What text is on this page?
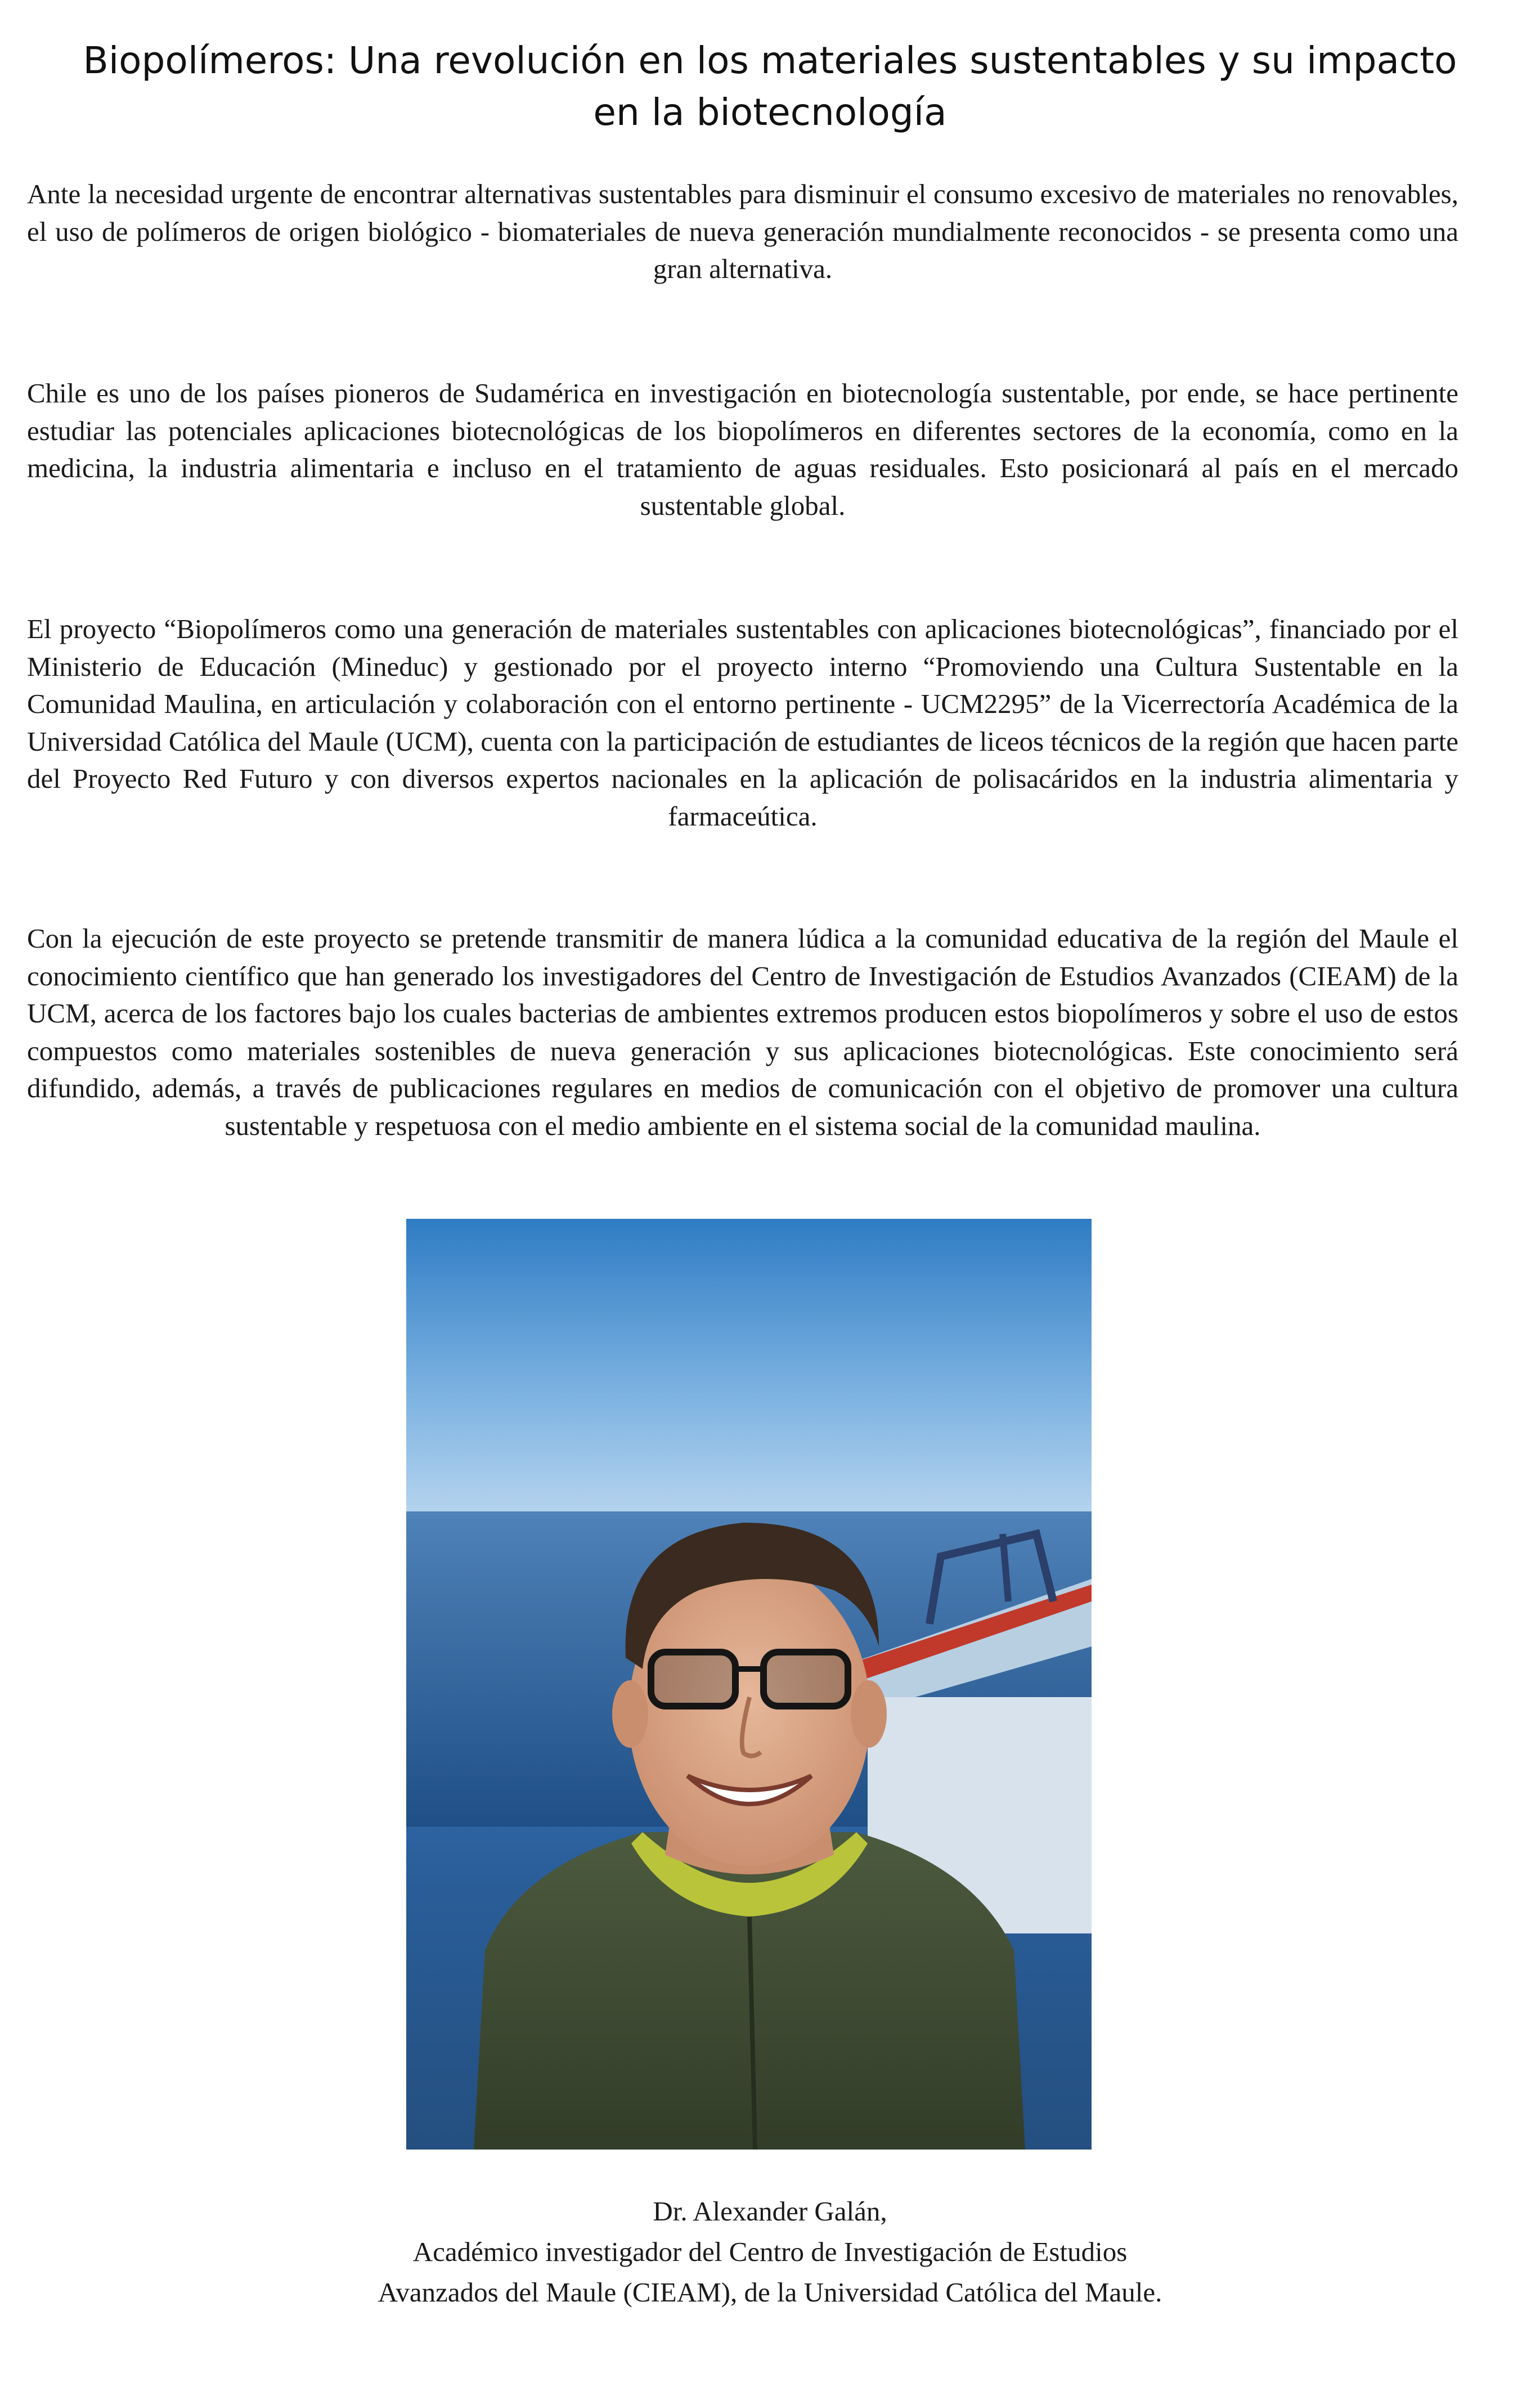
Biopolímeros: Una revolución en los materiales sustentables y su impacto en la biotecnología

Ante la necesidad urgente de encontrar alternativas sustentables para disminuir el consumo excesivo de materiales no renovables, el uso de polímeros de origen biológico - biomateriales de nueva generación mundialmente reconocidos - se presenta como una gran alternativa.

Chile es uno de los países pioneros de Sudamérica en investigación en biotecnología sustentable, por ende, se hace pertinente estudiar las potenciales aplicaciones biotecnológicas de los biopolímeros en diferentes sectores de la economía, como en la medicina, la industria alimentaria e incluso en el tratamiento de aguas residuales. Esto posicionará al país en el mercado sustentable global.

El proyecto “Biopolímeros como una generación de materiales sustentables con aplicaciones biotecnológicas”, financiado por el Ministerio de Educación (Mineduc) y gestionado por el proyecto interno “Promoviendo una Cultura Sustentable en la Comunidad Maulina, en articulación y colaboración con el entorno pertinente - UCM2295” de la Vicerrectoría Académica de la Universidad Católica del Maule (UCM), cuenta con la participación de estudiantes de liceos técnicos de la región que hacen parte del Proyecto Red Futuro y con diversos expertos nacionales en la aplicación de polisacáridos en la industria alimentaria y farmaceútica.

Con la ejecución de este proyecto se pretende transmitir de manera lúdica a la comunidad educativa de la región del Maule el conocimiento científico que han generado los investigadores del Centro de Investigación de Estudios Avanzados (CIEAM) de la UCM, acerca de los factores bajo los cuales bacterias de ambientes extremos producen estos biopolímeros y sobre el uso de estos compuestos como materiales sostenibles de nueva generación y sus aplicaciones biotecnológicas. Este conocimiento será difundido, además, a través de publicaciones regulares en medios de comunicación con el objetivo de promover una cultura sustentable y respetuosa con el medio ambiente en el sistema social de la comunidad maulina.

Dr. Alexander Galán,
Académico investigador del Centro de Investigación de Estudios
Avanzados del Maule (CIEAM), de la Universidad Católica del Maule.
